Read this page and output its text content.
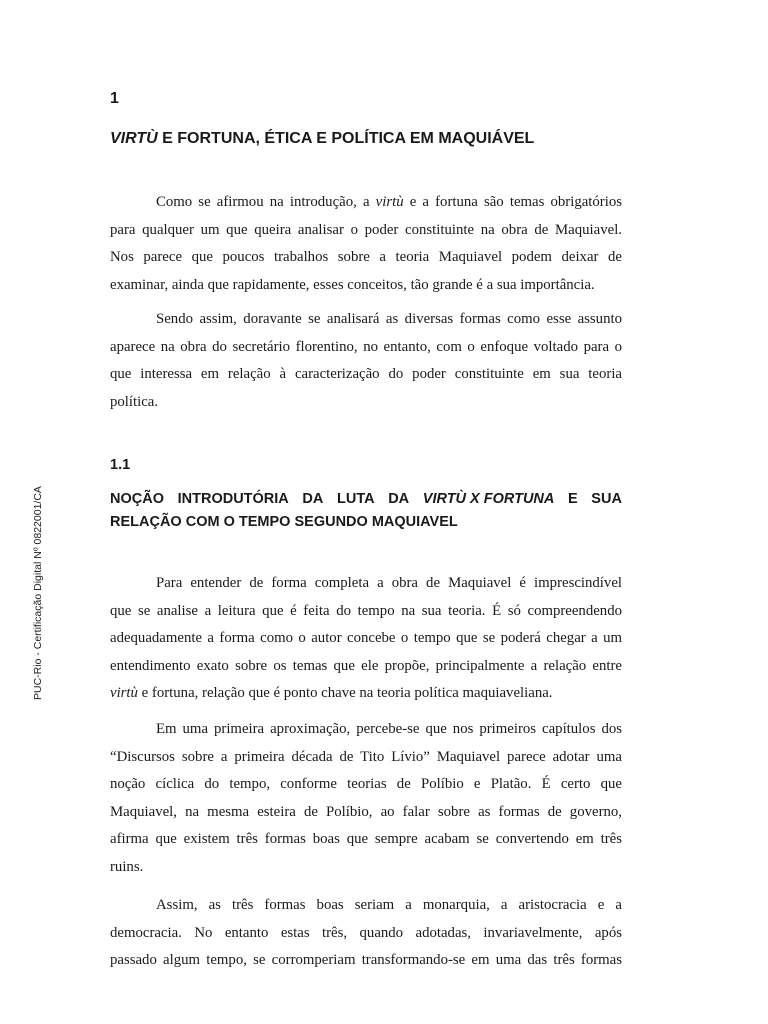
PUC-Rio - Certificação Digital Nº 0822001/CA
1
VIRTÙ E FORTUNA, ÉTICA E POLÍTICA EM MAQUIÁVEL
Como se afirmou na introdução, a virtù e a fortuna são temas obrigatórios
para qualquer um que queira analisar o poder constituinte na obra de Maquiavel.
Nos parece que poucos trabalhos sobre a teoria Maquiavel podem deixar de
examinar, ainda que rapidamente, esses conceitos, tão grande é a sua importância.
Sendo assim, doravante se analisará as diversas formas como esse assunto
aparece na obra do secretário florentino, no entanto, com o enfoque voltado para o
que interessa em relação à caracterização do poder constituinte em sua teoria
política.
1.1
NOÇÃO INTRODUTÓRIA DA LUTA DA VIRTÙ X FORTUNA E SUA
RELAÇÃO COM O TEMPO SEGUNDO MAQUIAVEL
Para entender de forma completa a obra de Maquiavel é imprescindível
que se analise a leitura que é feita do tempo na sua teoria. É só compreendendo
adequadamente a forma como o autor concebe o tempo que se poderá chegar a um
entendimento exato sobre os temas que ele propõe, principalmente a relação entre
virtù e fortuna, relação que é ponto chave na teoria política maquiaveliana.
Em uma primeira aproximação, percebe-se que nos primeiros capítulos dos
“Discursos sobre a primeira década de Tito Lívio” Maquiavel parece adotar uma
noção cíclica do tempo, conforme teorias de Políbio e Platão. É certo que
Maquiavel, na mesma esteira de Políbio, ao falar sobre as formas de governo,
afirma que existem três formas boas que sempre acabam se convertendo em três
ruins.
Assim, as três formas boas seriam a monarquia, a aristocracia e a
democracia. No entanto estas três, quando adotadas, invariavelmente, após
passado algum tempo, se corromperiam transformando-se em uma das três formas
